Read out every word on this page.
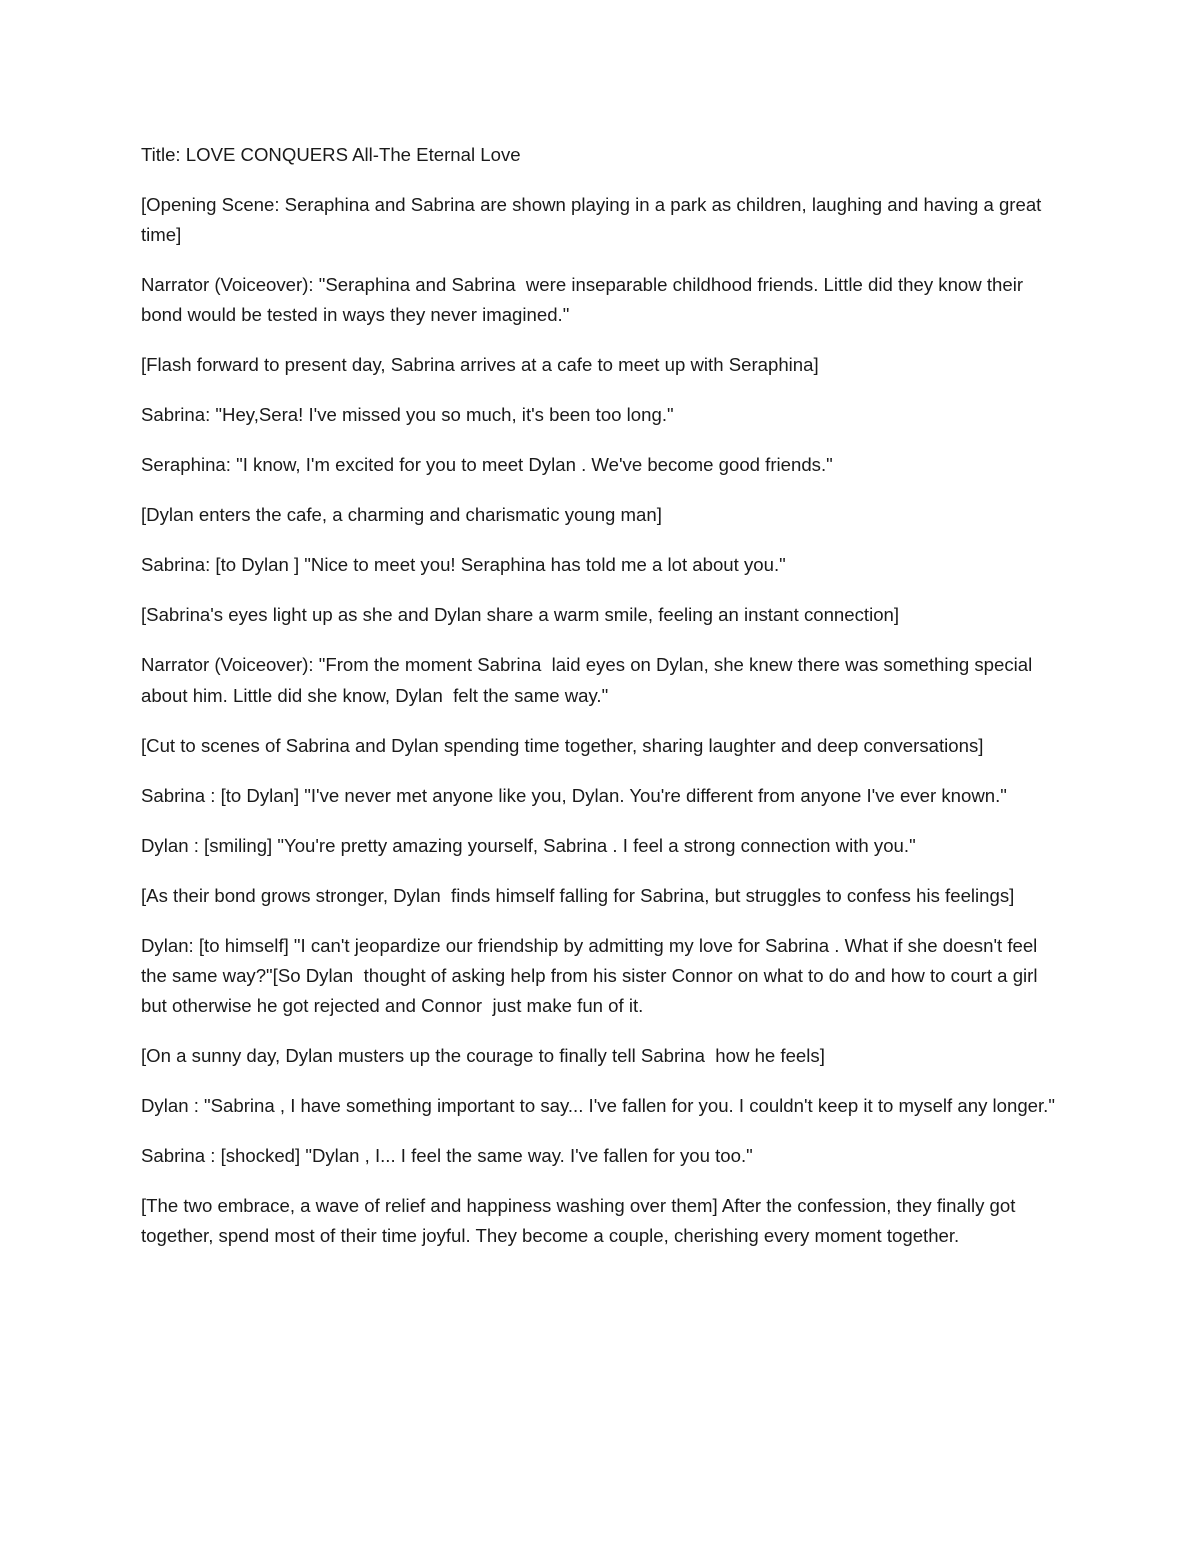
Title: LOVE CONQUERS All-The Eternal Love

[Opening Scene: Seraphina and Sabrina are shown playing in a park as children, laughing and having a great time]

Narrator (Voiceover): "Seraphina and Sabrina  were inseparable childhood friends. Little did they know their bond would be tested in ways they never imagined."

[Flash forward to present day, Sabrina arrives at a cafe to meet up with Seraphina]

Sabrina: "Hey,Sera! I've missed you so much, it's been too long."

Seraphina: "I know, I'm excited for you to meet Dylan . We've become good friends."

[Dylan enters the cafe, a charming and charismatic young man]

Sabrina: [to Dylan ] "Nice to meet you! Seraphina has told me a lot about you."

[Sabrina's eyes light up as she and Dylan share a warm smile, feeling an instant connection]

Narrator (Voiceover): "From the moment Sabrina  laid eyes on Dylan, she knew there was something special about him. Little did she know, Dylan  felt the same way."

[Cut to scenes of Sabrina and Dylan spending time together, sharing laughter and deep conversations]

Sabrina : [to Dylan] "I've never met anyone like you, Dylan. You're different from anyone I've ever known."

Dylan : [smiling] "You're pretty amazing yourself, Sabrina . I feel a strong connection with you."

[As their bond grows stronger, Dylan  finds himself falling for Sabrina, but struggles to confess his feelings]

Dylan: [to himself] "I can't jeopardize our friendship by admitting my love for Sabrina . What if she doesn't feel the same way?"[So Dylan  thought of asking help from his sister Connor on what to do and how to court a girl  but otherwise he got rejected and Connor  just make fun of it.

[On a sunny day, Dylan musters up the courage to finally tell Sabrina  how he feels]

Dylan : "Sabrina , I have something important to say... I've fallen for you. I couldn't keep it to myself any longer."

Sabrina : [shocked] "Dylan , I... I feel the same way. I've fallen for you too."

[The two embrace, a wave of relief and happiness washing over them] After the confession, they finally got together, spend most of their time joyful. They become a couple, cherishing every moment together.
